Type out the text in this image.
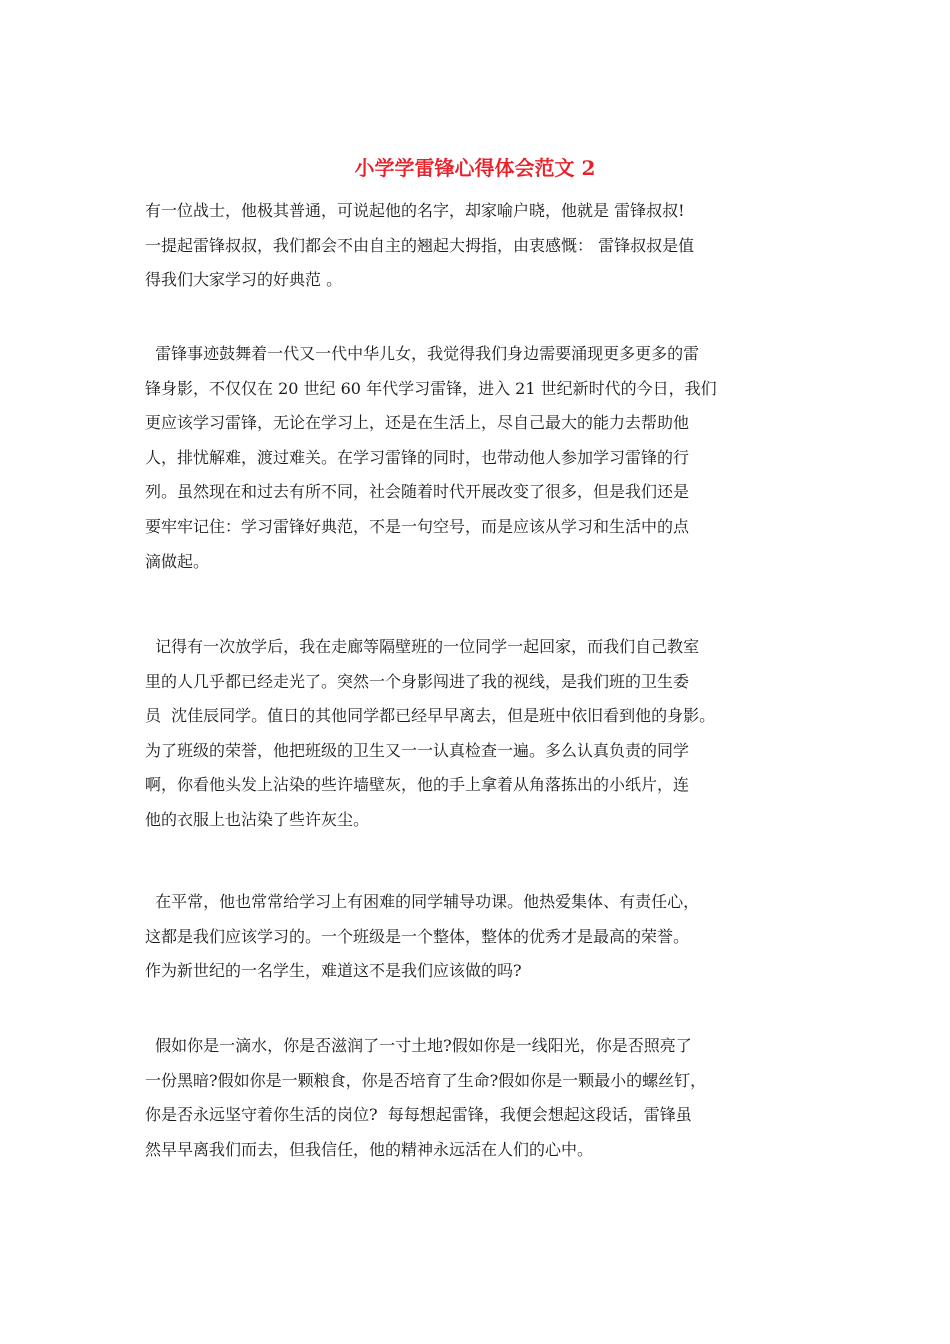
小学学雷锋心得体会范文 2
有一位战士，他极其普通，可说起他的名字，却家喻户晓，他就是 雷锋叔叔!
一提起雷锋叔叔，我们都会不由自主的翘起大拇指，由衷感慨： 雷锋叔叔是值
得我们大家学习的好典范 。
雷锋事迹鼓舞着一代又一代中华儿女，我觉得我们身边需要涌现更多更多的雷
锋身影，不仅仅在 20 世纪 60 年代学习雷锋，进入 21 世纪新时代的今日，我们
更应该学习雷锋，无论在学习上，还是在生活上，尽自己最大的能力去帮助他
人，排忧解难，渡过难关。在学习雷锋的同时，也带动他人参加学习雷锋的行
列。虽然现在和过去有所不同，社会随着时代开展改变了很多，但是我们还是
要牢牢记住：学习雷锋好典范，不是一句空号，而是应该从学习和生活中的点
滴做起。
记得有一次放学后，我在走廊等隔壁班的一位同学一起回家，而我们自己教室
里的人几乎都已经走光了。突然一个身影闯进了我的视线，是我们班的卫生委
员  沈佳辰同学。值日的其他同学都已经早早离去，但是班中依旧看到他的身影。
为了班级的荣誉，他把班级的卫生又一一认真检查一遍。多么认真负责的同学
啊，你看他头发上沾染的些许墙壁灰，他的手上拿着从角落拣出的小纸片，连
他的衣服上也沾染了些许灰尘。
在平常，他也常常给学习上有困难的同学辅导功课。他热爱集体、有责任心，
这都是我们应该学习的。一个班级是一个整体，整体的优秀才是最高的荣誉。
作为新世纪的一名学生，难道这不是我们应该做的吗?
假如你是一滴水，你是否滋润了一寸土地?假如你是一线阳光，你是否照亮了
一份黑暗?假如你是一颗粮食，你是否培育了生命?假如你是一颗最小的螺丝钉，
你是否永远坚守着你生活的岗位?  每每想起雷锋，我便会想起这段话，雷锋虽
然早早离我们而去，但我信任，他的精神永远活在人们的心中。
